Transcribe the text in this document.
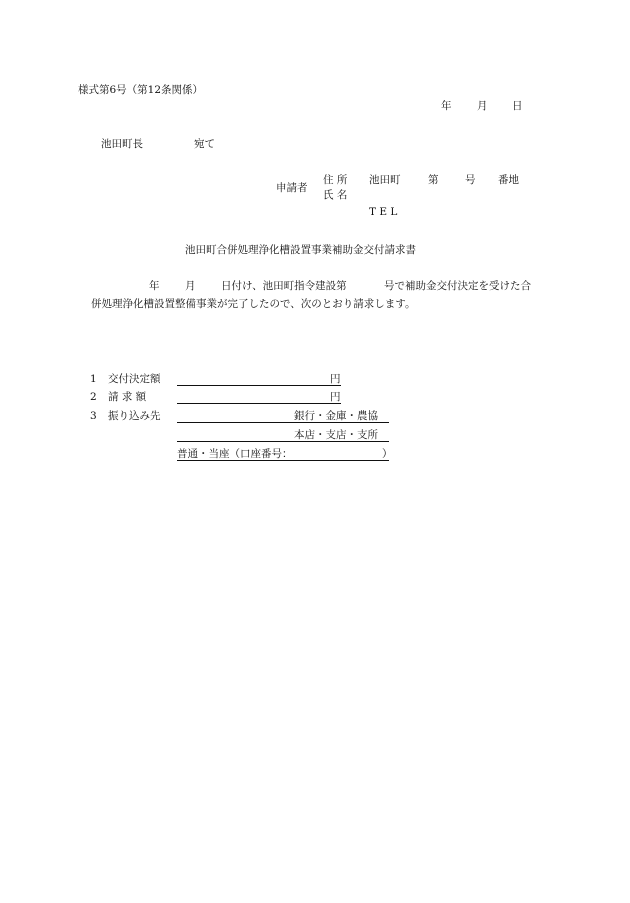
様式第6号（第12条関係）
年 月 日
池田町長	宛て
申請者
住 所 池田町	第	号 番地
氏 名
T E L
池田町合併処理浄化槽設置事業補助金交付請求書
年 月 日付け、池田町指令建設第	号で補助金交付決定を受けた合
併処理浄化槽設置整備事業が完了したので、次のとおり請求します。
1 交付決定額	円
2 請 求 額	円
3 振り込み先	銀行・金庫・農協
本店・支店・支所
普通・当座（口座番号：	）
